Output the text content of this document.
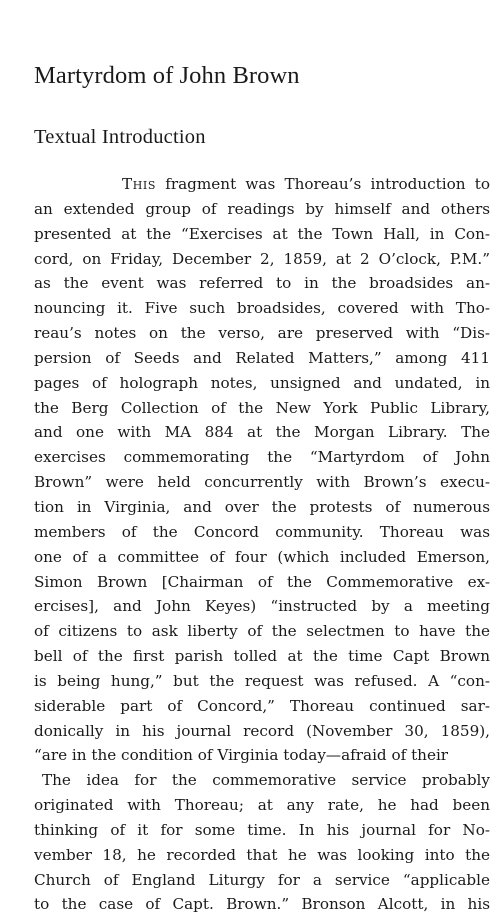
Martyrdom of John Brown
Textual Introduction
This fragment was Thoreau’s introduction to
an extended group of readings by himself and others
presented at the “Exercises at the Town Hall, in Con-
cord, on Friday, December 2, 1859, at 2 O’clock, P.M.”
as the event was referred to in the broadsides an-
nouncing it. Five such broadsides, covered with Tho-
reau’s notes on the verso, are preserved with “Dis-
persion of Seeds and Related Matters,” among 411
pages of holograph notes, unsigned and undated, in
the Berg Collection of the New York Public Library,
and one with MA 884 at the Morgan Library. The
exercises commemorating the “Martyrdom of John
Brown” were held concurrently with Brown’s execu-
tion in Virginia, and over the protests of numerous
members of the Concord community. Thoreau was
one of a committee of four (which included Emerson,
Simon Brown [Chairman of the Commemorative ex-
ercises], and John Keyes) “instructed by a meeting
of citizens to ask liberty of the selectmen to have the
bell of the first parish tolled at the time Capt Brown
is being hung,” but the request was refused. A “con-
siderable part of Concord,” Thoreau continued sar-
donically in his journal record (November 30, 1859),
“are in the condition of Virginia today—afraid of their
The idea for the commemorative service probably
originated with Thoreau; at any rate, he had been
thinking of it for some time. In his journal for No-
vember 18, he recorded that he was looking into the
Church of England Liturgy for a service “applicable
to the case of Capt. Brown.” Bronson Alcott, in his
